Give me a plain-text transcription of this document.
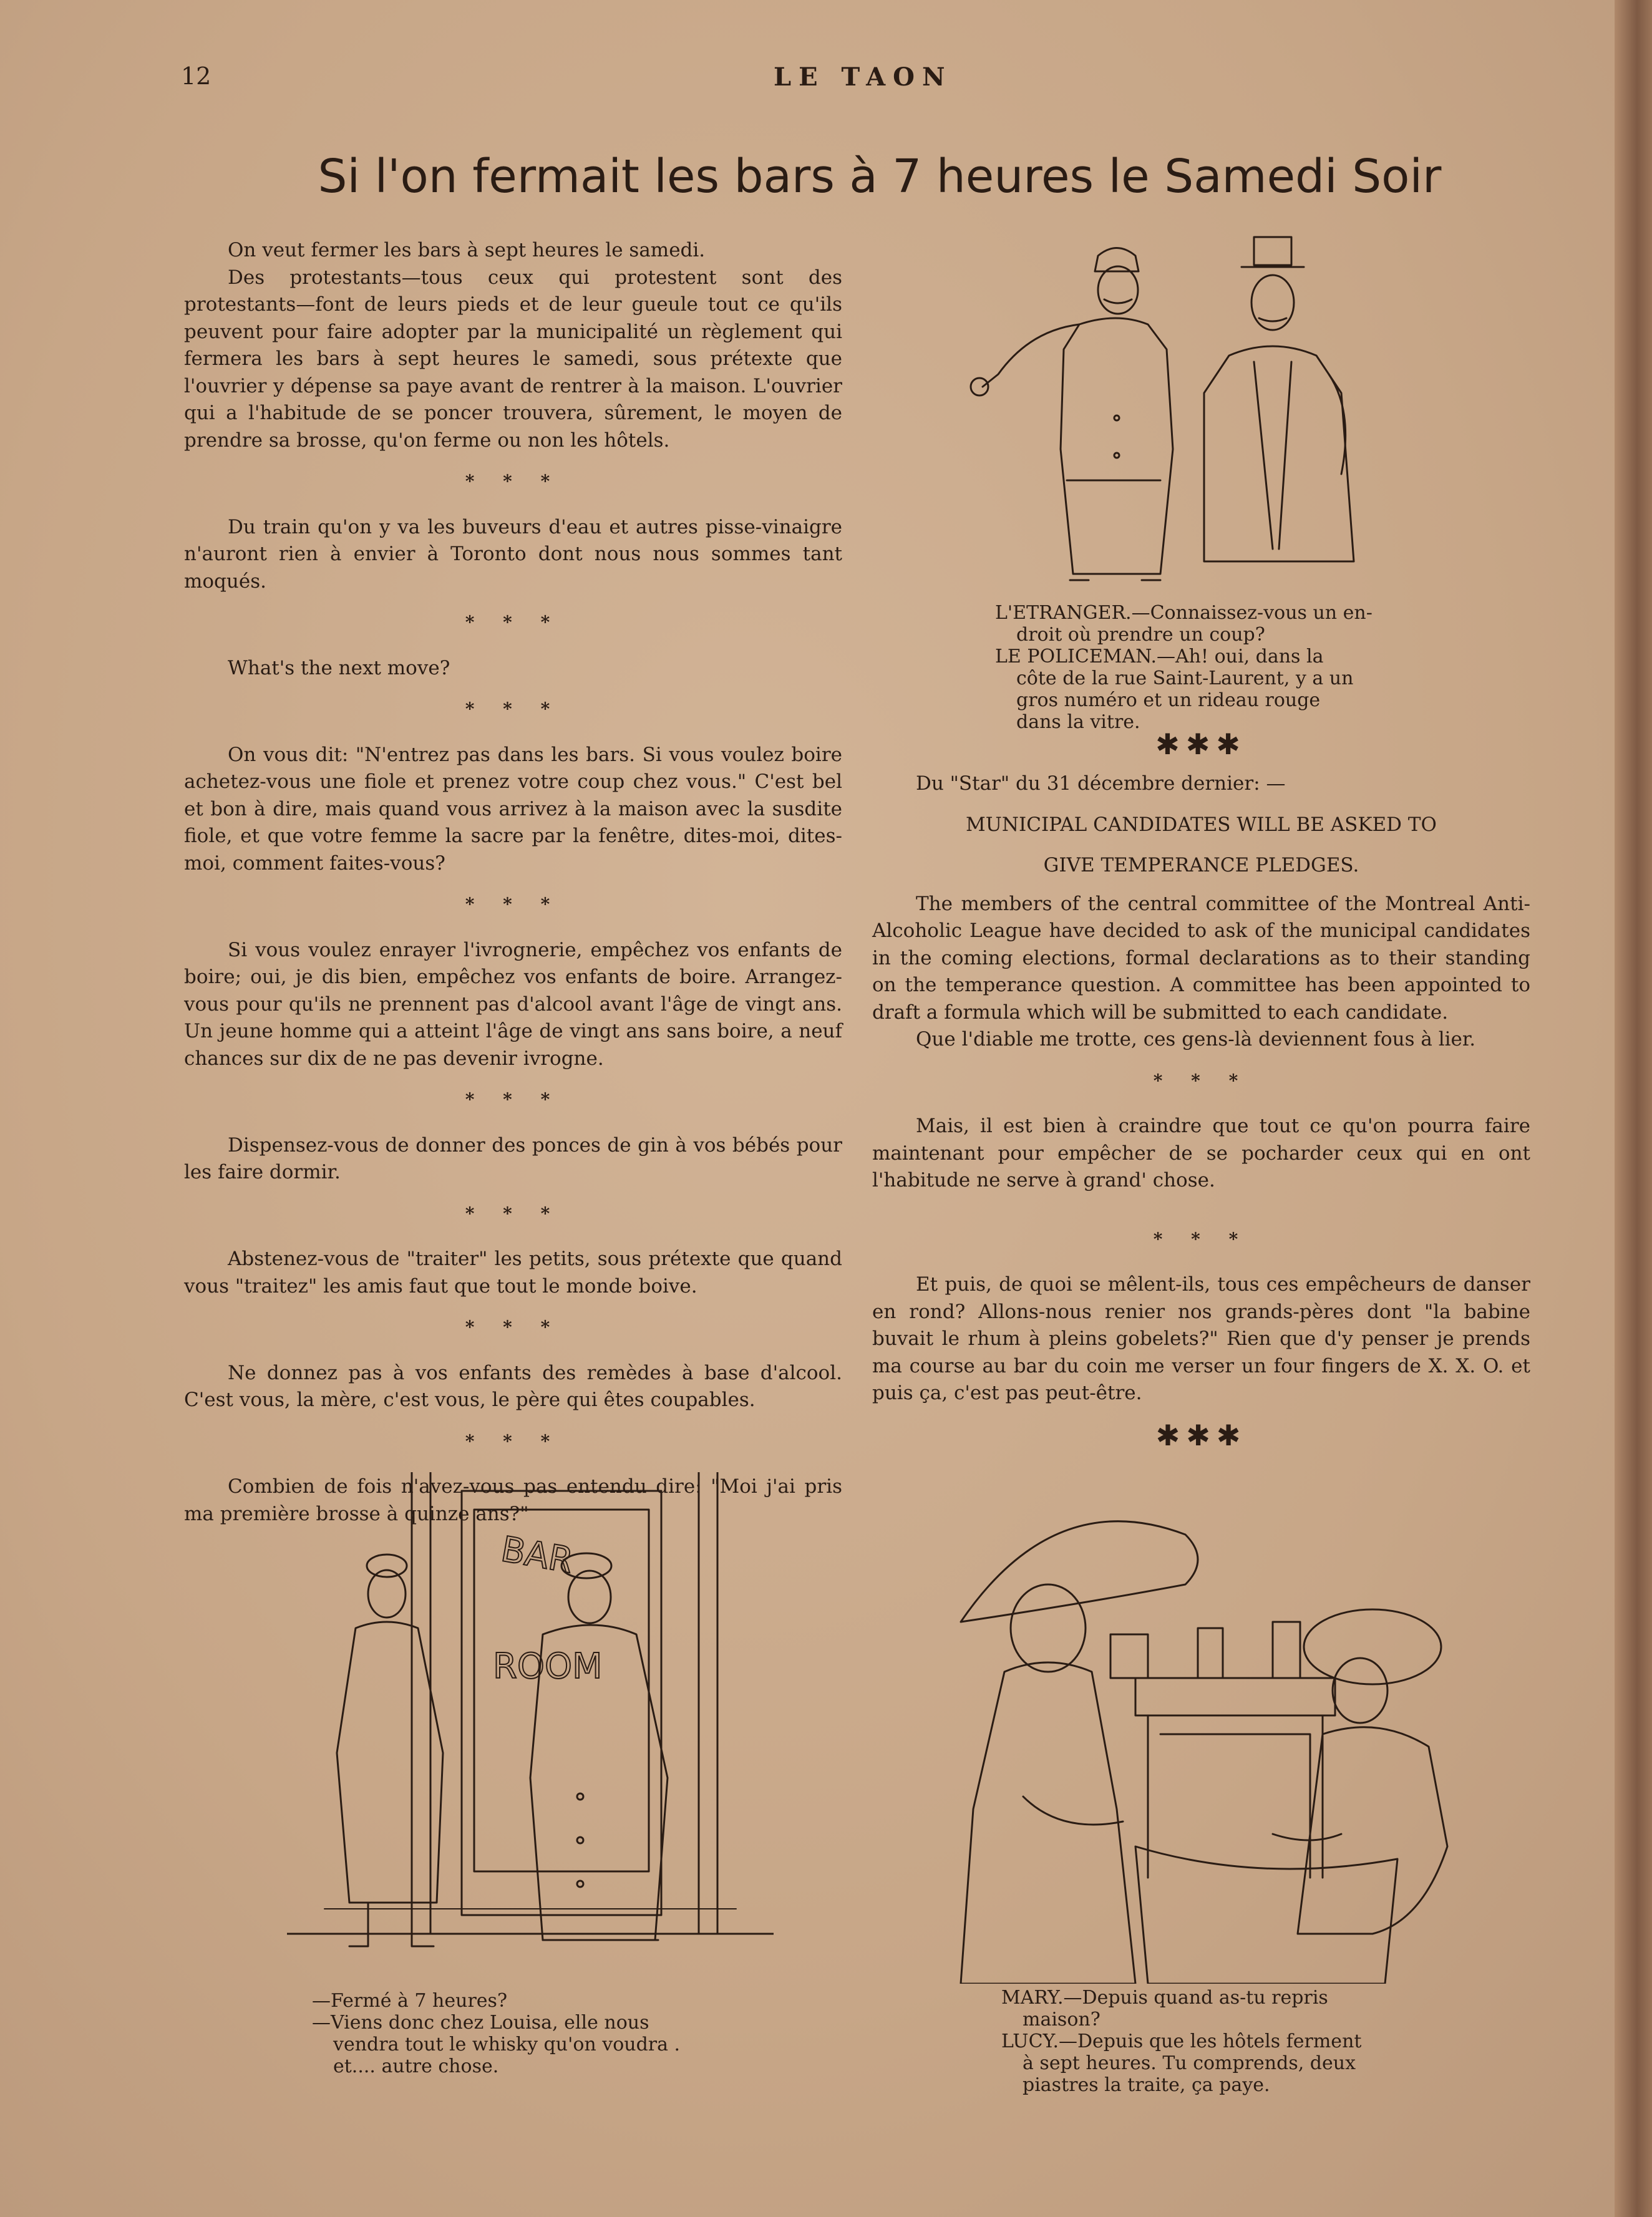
12	LE TAON
Si l'on fermait les bars à 7 heures le Samedi Soir

On veut fermer les bars à sept heures le samedi.

Des protestants—tous ceux qui protestent sont des protestants—font de leurs pieds et de leur gueule tout ce qu'ils peuvent pour faire adopter par la municipalité un règlement qui fermera les bars à sept heures le samedi, sous prétexte que l'ouvrier y dépense sa paye avant de rentrer à la maison. L'ouvrier qui a l'habitude de se poncer trouvera, sûrement, le moyen de prendre sa brosse, qu'on ferme ou non les hôtels.

* * *

Du train qu'on y va les buveurs d'eau et autres pisse-vinaigre n'auront rien à envier à Toronto dont nous nous sommes tant moqués.

* * *

What's the next move?

* * *

On vous dit: "N'entrez pas dans les bars. Si vous voulez boire achetez-vous une fiole et prenez votre coup chez vous." C'est bel et bon à dire, mais quand vous arrivez à la maison avec la susdite fiole, et que votre femme la sacre par la fenêtre, dites-moi, dites-moi, comment faites-vous?

* * *

Si vous voulez enrayer l'ivrognerie, empêchez vos enfants de boire; oui, je dis bien, empêchez vos enfants de boire. Arrangez-vous pour qu'ils ne prennent pas d'alcool avant l'âge de vingt ans. Un jeune homme qui a atteint l'âge de vingt ans sans boire, a neuf chances sur dix de ne pas devenir ivrogne.

* * *

Dispensez-vous de donner des ponces de gin à vos bébés pour les faire dormir.

* * *

Abstenez-vous de "traiter" les petits, sous prétexte que quand vous "traitez" les amis faut que tout le monde boive.

* * *

Ne donnez pas à vos enfants des remèdes à base d'alcool. C'est vous, la mère, c'est vous, le père qui êtes coupables.

* * *

Combien de fois n'avez-vous pas entendu dire: "Moi j'ai pris ma première brosse à quinze ans?"

L'ETRANGER.—Connaissez-vous un en-
droit où prendre un coup?
LE POLICEMAN.—Ah! oui, dans la
côte de la rue Saint-Laurent, y a un
gros numéro et un rideau rouge
dans la vitre.
✱✱✱

Du "Star" du 31 décembre dernier: —

MUNICIPAL CANDIDATES WILL BE ASKED TO

GIVE TEMPERANCE PLEDGES.

The members of the central committee of the Montreal Anti-Alcoholic League have decided to ask of the municipal candidates in the coming elections, formal declarations as to their standing on the temperance question. A committee has been appointed to draft a formula which will be submitted to each candidate.

Que l'diable me trotte, ces gens-là deviennent fous à lier.

* * *

Mais, il est bien à craindre que tout ce qu'on pourra faire maintenant pour empêcher de se pocharder ceux qui en ont l'habitude ne serve à grand' chose.

* * *

Et puis, de quoi se mêlent-ils, tous ces empêcheurs de danser en rond? Allons-nous renier nos grands-pères dont "la babine buvait le rhum à pleins gobelets?" Rien que d'y penser je prends ma course au bar du coin me verser un four fingers de X. X. O. et puis ça, c'est pas peut-être.

✱✱✱
BAR
ROOM
—Fermé à 7 heures?
—Viens donc chez Louisa, elle nous
vendra tout le whisky qu'on voudra .
et.... autre chose.
MARY.—Depuis quand as-tu repris
maison?
LUCY.—Depuis que les hôtels ferment
à sept heures. Tu comprends, deux
piastres la traite, ça paye.
